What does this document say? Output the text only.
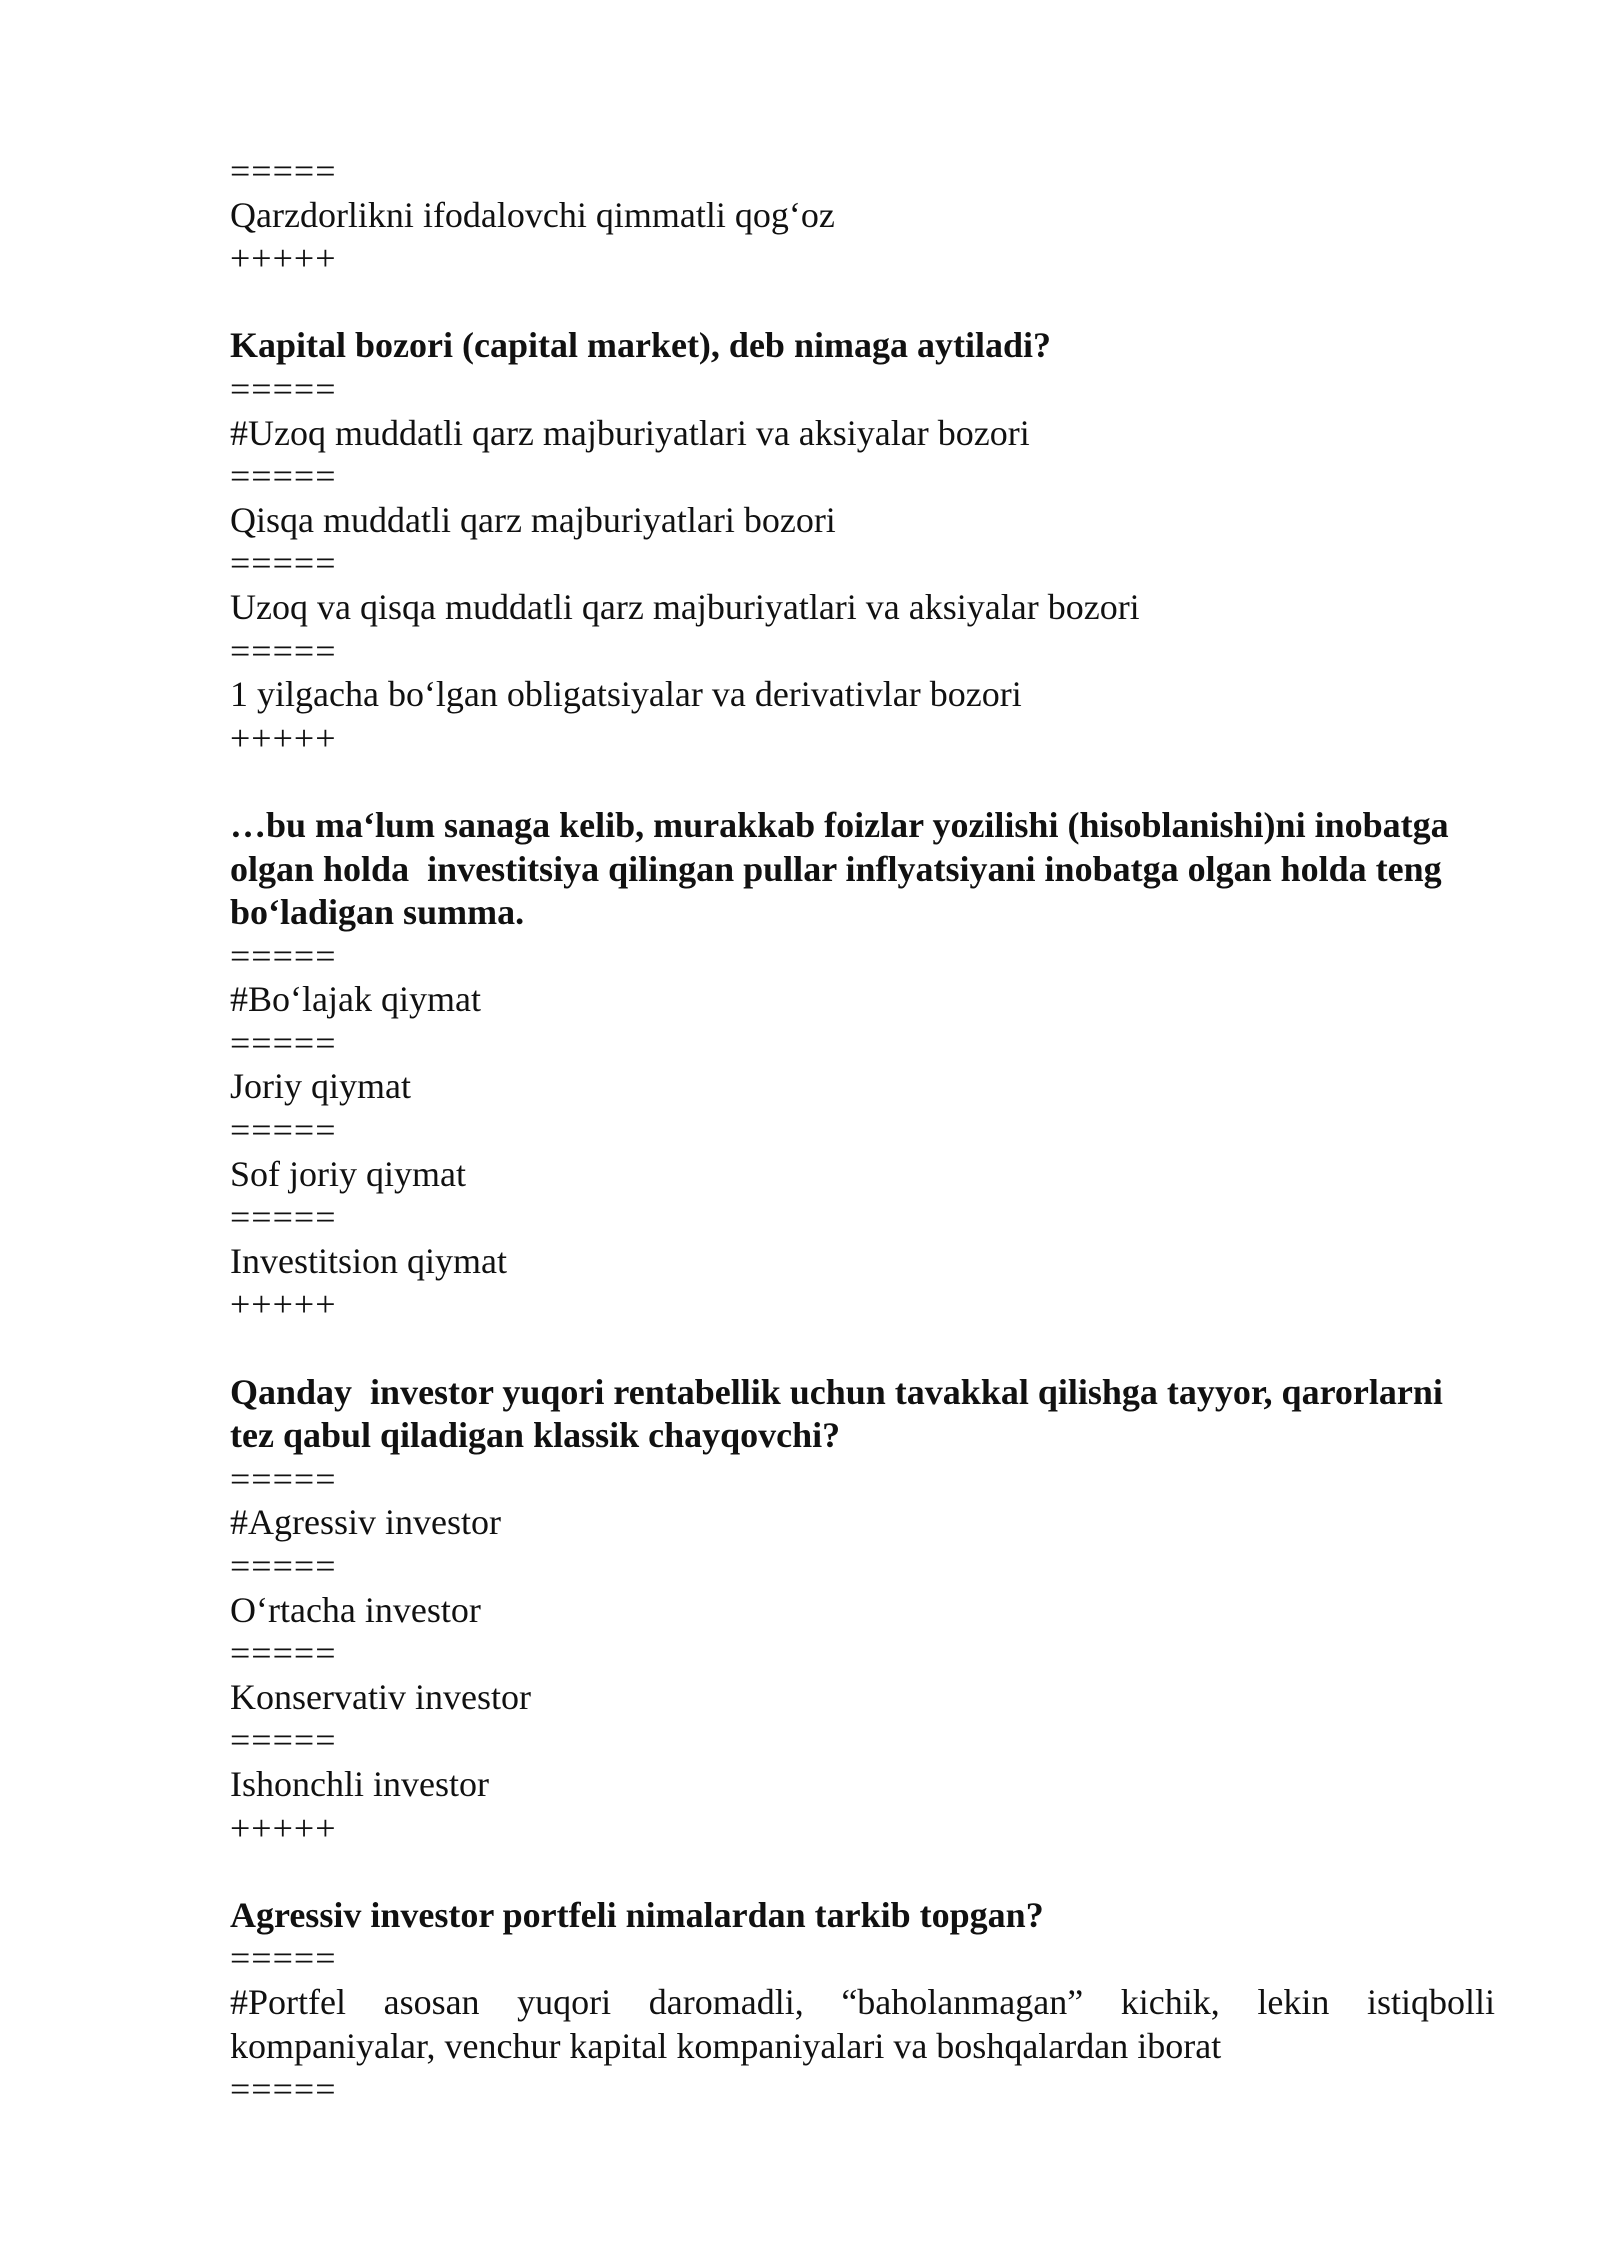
=====
Qarzdorlikni ifodalovchi qimmatli qog‘oz
+++++
Kapital bozori (capital market), deb nimaga aytiladi?
=====
#Uzoq muddatli qarz majburiyatlari va aksiyalar bozori
=====
Qisqa muddatli qarz majburiyatlari bozori
=====
Uzoq va qisqa muddatli qarz majburiyatlari va aksiyalar bozori
=====
1 yilgacha bo‘lgan obligatsiyalar va derivativlar bozori
+++++
…bu ma‘lum sanaga kelib, murakkab foizlar yozilishi (hisoblanishi)ni inobatga olgan holda  investitsiya qilingan pullar inflyatsiyani inobatga olgan holda teng bo‘ladigan summa.
=====
#Bo‘lajak qiymat
=====
Joriy qiymat
=====
Sof joriy qiymat
=====
Investitsion qiymat
+++++
Qanday  investor yuqori rentabellik uchun tavakkal qilishga tayyor, qarorlarni tez qabul qiladigan klassik chayqovchi?
=====
#Agressiv investor
=====
O‘rtacha investor
=====
Konservativ investor
=====
Ishonchli investor
+++++
Agressiv investor portfeli nimalardan tarkib topgan?
=====
#Portfel asosan yuqori daromadli, “baholanmagan” kichik, lekin istiqbolli kompaniyalar, venchur kapital kompaniyalari va boshqalardan iborat
=====
